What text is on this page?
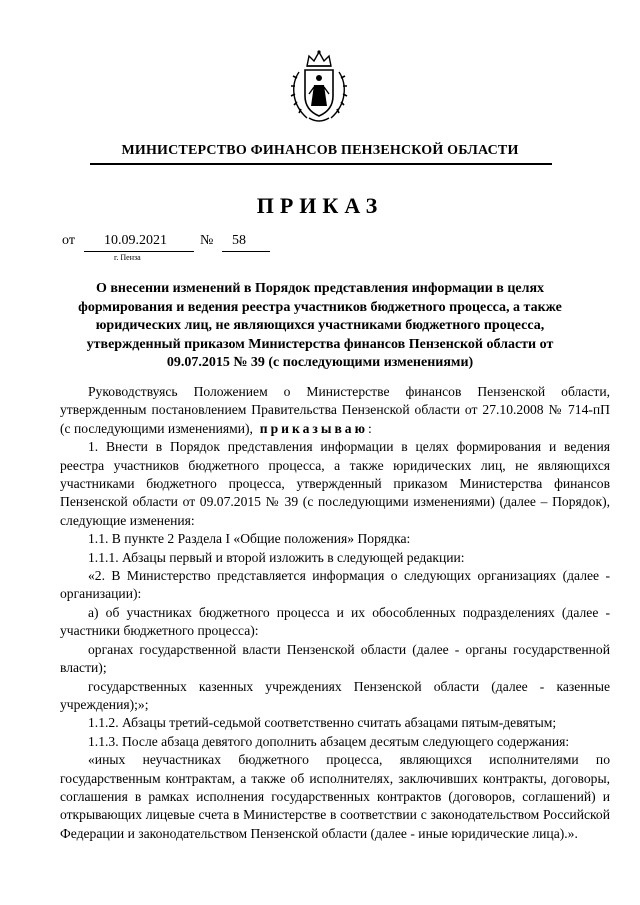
МИНИСТЕРСТВО ФИНАНСОВ ПЕНЗЕНСКОЙ ОБЛАСТИ
ПРИКАЗ
от 10.09.2021 № 58
г. Пенза
О внесении изменений в Порядок представления информации в целях формирования и ведения реестра участников бюджетного процесса, а также юридических лиц, не являющихся участниками бюджетного процесса, утвержденный приказом Министерства финансов Пензенской области от 09.07.2015 № 39 (с последующими изменениями)

Руководствуясь Положением о Министерстве финансов Пензенской области, утвержденным постановлением Правительства Пензенской области от 27.10.2008 № 714-пП (с последующими изменениями), приказываю:

1. Внести в Порядок представления информации в целях формирования и ведения реестра участников бюджетного процесса, а также юридических лиц, не являющихся участниками бюджетного процесса, утвержденный приказом Министерства финансов Пензенской области от 09.07.2015 № 39 (с последующими изменениями) (далее – Порядок), следующие изменения:

1.1. В пункте 2 Раздела I «Общие положения» Порядка:

1.1.1. Абзацы первый и второй изложить в следующей редакции:

«2. В Министерство представляется информация о следующих организациях (далее - организации):

а) об участниках бюджетного процесса и их обособленных подразделениях (далее - участники бюджетного процесса):

органах государственной власти Пензенской области (далее - органы государственной власти);

государственных казенных учреждениях Пензенской области (далее - казенные учреждения);»;

1.1.2. Абзацы третий-седьмой соответственно считать абзацами пятым-девятым;

1.1.3. После абзаца девятого дополнить абзацем десятым следующего содержания:

«иных неучастниках бюджетного процесса, являющихся исполнителями по государственным контрактам, а также об исполнителях, заключивших контракты, договоры, соглашения в рамках исполнения государственных контрактов (договоров, соглашений) и открывающих лицевые счета в Министерстве в соответствии с законодательством Российской Федерации и законодательством Пензенской области (далее - иные юридические лица).».
